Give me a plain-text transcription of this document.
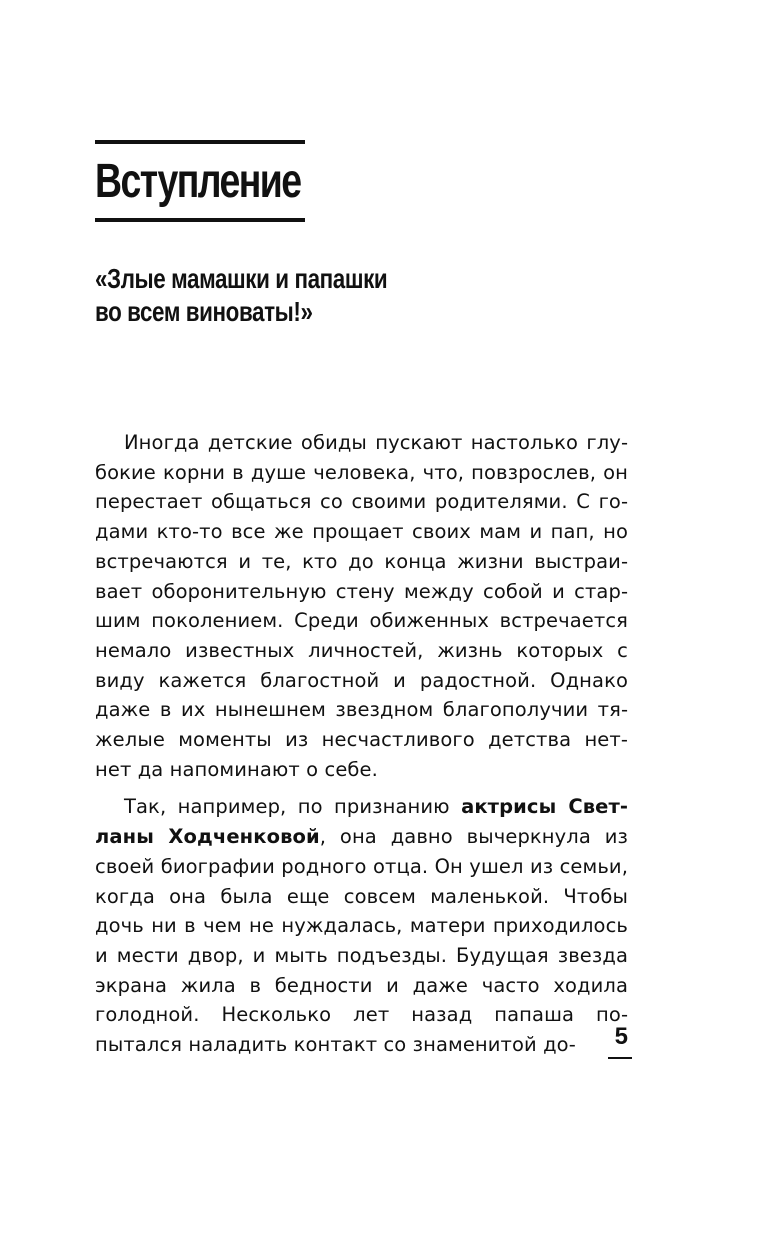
Вступление
«Злые мамашки и папашки
во всем виноваты!»

Иногда детские обиды пускают настолько глубокие корни в душе человека, что, повзрослев, он перестает общаться со своими родителями. С годами кто-то все же прощает своих мам и пап, но встречаются и те, кто до конца жизни выстраивает оборонительную стену между собой и старшим поколением. Среди обиженных встречается немало известных личностей, жизнь которых с виду кажется благостной и радостной. Однако даже в их нынешнем звездном благополучии тяжелые моменты из несчастливого детства нет-нет да напоминают о себе.

Так, например, по признанию актрисы Светланы Ходченковой, она давно вычеркнула из своей биографии родного отца. Он ушел из семьи, когда она была еще совсем маленькой. Чтобы дочь ни в чем не нуждалась, матери приходилось и мести двор, и мыть подъезды. Будущая звезда экрана жила в бедности и даже часто ходила голодной. Несколько лет назад папаша попытался наладить контакт со знаменитой до-	5
